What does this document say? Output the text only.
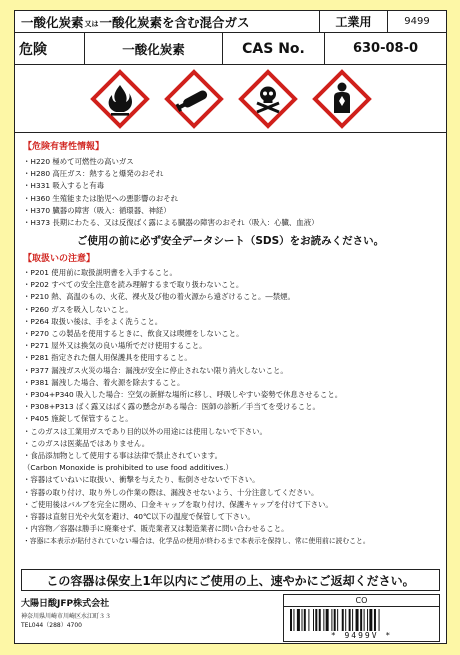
一酸化炭素 又は 一酸化炭素を含む混合ガス	工業用	9499
危険	一酸化炭素	CAS No.	630-08-0
【危険有害性情報】
・H220 極めて可燃性の高いガス
・H280 高圧ガス：熱すると爆発のおそれ
・H331 吸入すると有毒
・H360 生殖能または胎児への悪影響のおそれ
・H370 臓器の障害（吸入：循環器、神経）
・H373 長期にわたる、又は反復ばく露による臓器の障害のおそれ（吸入：心臓、血液）
ご使用の前に必ず安全データシート（SDS）をお読みください。
【取扱いの注意】
・P201 使用前に取扱説明書を入手すること。
・P202 すべての安全注意を読み理解するまで取り扱わないこと。
・P210 熱、高温のもの、火花、裸火及び他の着火源から遠ざけること。―禁煙。
・P260 ガスを吸入しないこと。
・P264 取扱い後は、手をよく洗うこと。
・P270 この製品を使用するときに、飲食又は喫煙をしないこと。
・P271 屋外又は換気の良い場所でだけ使用すること。
・P281 指定された個人用保護具を使用すること。
・P377 漏洩ガス火災の場合：漏洩が安全に停止されない限り消火しないこと。
・P381 漏洩した場合、着火源を除去すること。
・P304+P340 吸入した場合：空気の新鮮な場所に移し、呼吸しやすい姿勢で休息させること。
・P308+P313 ばく露又はばく露の懸念がある場合：医師の診断／手当てを受けること。
・P405 施錠して保管すること。
・このガスは工業用ガスであり目的以外の用途には使用しないで下さい。
・このガスは医薬品ではありません。
・食品添加物として使用する事は法律で禁止されています。
（Carbon Monoxide is prohibited to use food additives.）
・容器はていねいに取扱い、衝撃を与えたり、転倒させないで下さい。
・容器の取り付け、取り外しの作業の際は、漏洩させないよう、十分注意してください。
・ご使用後はバルブを完全に閉め、口金キャップを取り付け、保護キャップを付けて下さい。
・容器は直射日光や火気を避け、40℃以下の温度で保管して下さい。
・内容物／容器は勝手に廃棄せず、販売業者又は製造業者に問い合わせること。
・容器に本表示が貼付されていない場合は、化学品の使用が終わるまで本表示を保持し、常に使用前に読むこと。
この容器は保安上1年以内にご使用の上、速やかにご返却ください。
大陽日酸JFP株式会社
神奈川県川崎市川崎区水江町３３
TEL044（288）4700
CO
* 9499V *
